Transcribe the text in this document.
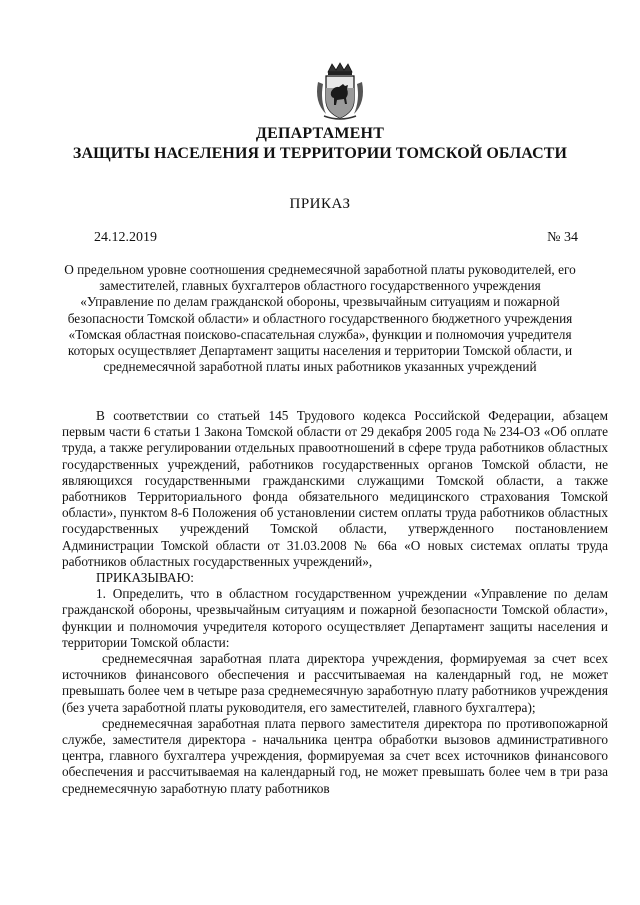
ДЕПАРТАМЕНТ
ЗАЩИТЫ НАСЕЛЕНИЯ И ТЕРРИТОРИИ ТОМСКОЙ ОБЛАСТИ
ПРИКАЗ
24.12.2019	№ 34
О предельном уровне соотношения среднемесячной заработной платы руководителей, его
заместителей, главных бухгалтеров областного государственного учреждения
«Управление по делам гражданской обороны, чрезвычайным ситуациям и пожарной
безопасности Томской области» и областного государственного бюджетного учреждения
«Томская областная поисково-спасательная служба», функции и полномочия учредителя
которых осуществляет Департамент защиты населения и территории Томской области, и
среднемесячной заработной платы иных работников указанных учреждений

В соответствии со статьей 145 Трудового кодекса Российской Федерации, абзацем первым части 6 статьи 1 Закона Томской области от 29 декабря 2005 года № 234-ОЗ «Об оплате труда, а также регулировании отдельных правоотношений в сфере труда работников областных государственных учреждений, работников государственных органов Томской области, не являющихся государственными гражданскими служащими Томской области, а также работников Территориального фонда обязательного медицинского страхования Томской области», пунктом 8-6 Положения об установлении систем оплаты труда работников областных государственных учреждений Томской области, утвержденного постановлением Администрации Томской области от 31.03.2008 № 66а «О новых системах оплаты труда работников областных государственных учреждений»,

ПРИКАЗЫВАЮ:

1. Определить, что в областном государственном учреждении «Управление по делам гражданской обороны, чрезвычайным ситуациям и пожарной безопасности Томской области», функции и полномочия учредителя которого осуществляет Департамент защиты населения и территории Томской области:

среднемесячная заработная плата директора учреждения, формируемая за счет всех источников финансового обеспечения и рассчитываемая на календарный год, не может превышать более чем в четыре раза среднемесячную заработную плату работников учреждения (без учета заработной платы руководителя, его заместителей, главного бухгалтера);

среднемесячная заработная плата первого заместителя директора по противопожарной службе, заместителя директора - начальника центра обработки вызовов административного центра, главного бухгалтера учреждения, формируемая за счет всех источников финансового обеспечения и рассчитываемая на календарный год, не может превышать более чем в три раза среднемесячную заработную плату работников
